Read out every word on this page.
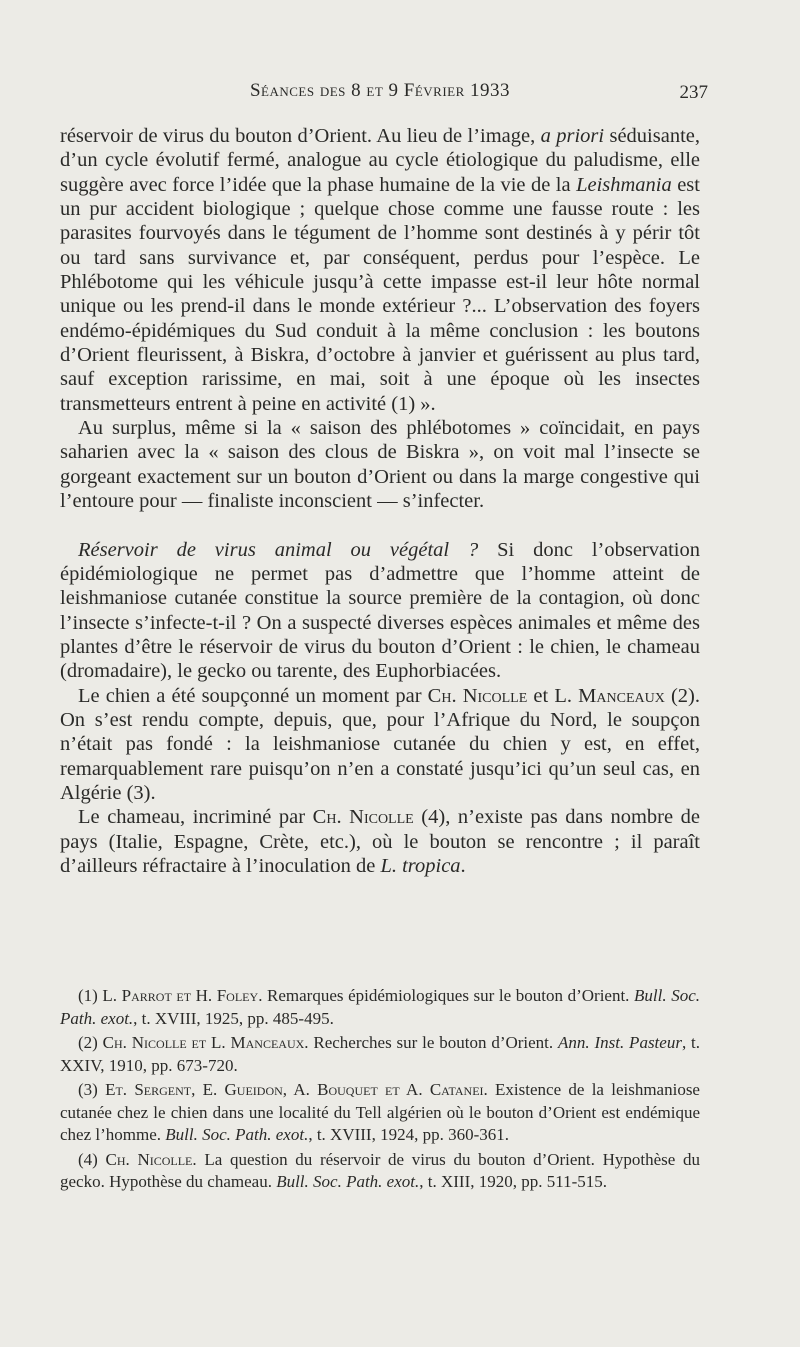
Séances des 8 et 9 Février 1933	237

réservoir de virus du bouton d’Orient. Au lieu de l’image, a priori séduisante, d’un cycle évolutif fermé, analogue au cycle étiologique du paludisme, elle suggère avec force l’idée que la phase humaine de la vie de la Leishmania est un pur accident biologique ; quelque chose comme une fausse route : les parasites fourvoyés dans le tégument de l’homme sont destinés à y périr tôt ou tard sans survivance et, par conséquent, perdus pour l’espèce. Le Phlébotome qui les véhicule jusqu’à cette impasse est-il leur hôte normal unique ou les prend-il dans le monde extérieur ?... L’observation des foyers endémo-épidémiques du Sud conduit à la même conclusion : les boutons d’Orient fleurissent, à Biskra, d’octobre à janvier et guérissent au plus tard, sauf exception rarissime, en mai, soit à une époque où les insectes transmetteurs entrent à peine en activité (1) ».

Au surplus, même si la « saison des phlébotomes » coïncidait, en pays saharien avec la « saison des clous de Biskra », on voit mal l’insecte se gorgeant exactement sur un bouton d’Orient ou dans la marge congestive qui l’entoure pour — finaliste inconscient — s’infecter.

Réservoir de virus animal ou végétal ? Si donc l’observation épidémiologique ne permet pas d’admettre que l’homme atteint de leishmaniose cutanée constitue la source première de la contagion, où donc l’insecte s’infecte-t-il ? On a suspecté diverses espèces animales et même des plantes d’être le réservoir de virus du bouton d’Orient : le chien, le chameau (dromadaire), le gecko ou tarente, des Euphorbiacées.

Le chien a été soupçonné un moment par Ch. Nicolle et L. Manceaux (2). On s’est rendu compte, depuis, que, pour l’Afrique du Nord, le soupçon n’était pas fondé : la leishmaniose cutanée du chien y est, en effet, remarquablement rare puisqu’on n’en a constaté jusqu’ici qu’un seul cas, en Algérie (3).

Le chameau, incriminé par Ch. Nicolle (4), n’existe pas dans nombre de pays (Italie, Espagne, Crète, etc.), où le bouton se rencontre ; il paraît d’ailleurs réfractaire à l’inoculation de L. tropica.

(1) L. Parrot et H. Foley. Remarques épidémiologiques sur le bouton d’Orient. Bull. Soc. Path. exot., t. XVIII, 1925, pp. 485-495.

(2) Ch. Nicolle et L. Manceaux. Recherches sur le bouton d’Orient. Ann. Inst. Pasteur, t. XXIV, 1910, pp. 673-720.

(3) Et. Sergent, E. Gueidon, A. Bouquet et A. Catanei. Existence de la leishmaniose cutanée chez le chien dans une localité du Tell algérien où le bouton d’Orient est endémique chez l’homme. Bull. Soc. Path. exot., t. XVIII, 1924, pp. 360-361.

(4) Ch. Nicolle. La question du réservoir de virus du bouton d’Orient. Hypothèse du gecko. Hypothèse du chameau. Bull. Soc. Path. exot., t. XIII, 1920, pp. 511-515.
